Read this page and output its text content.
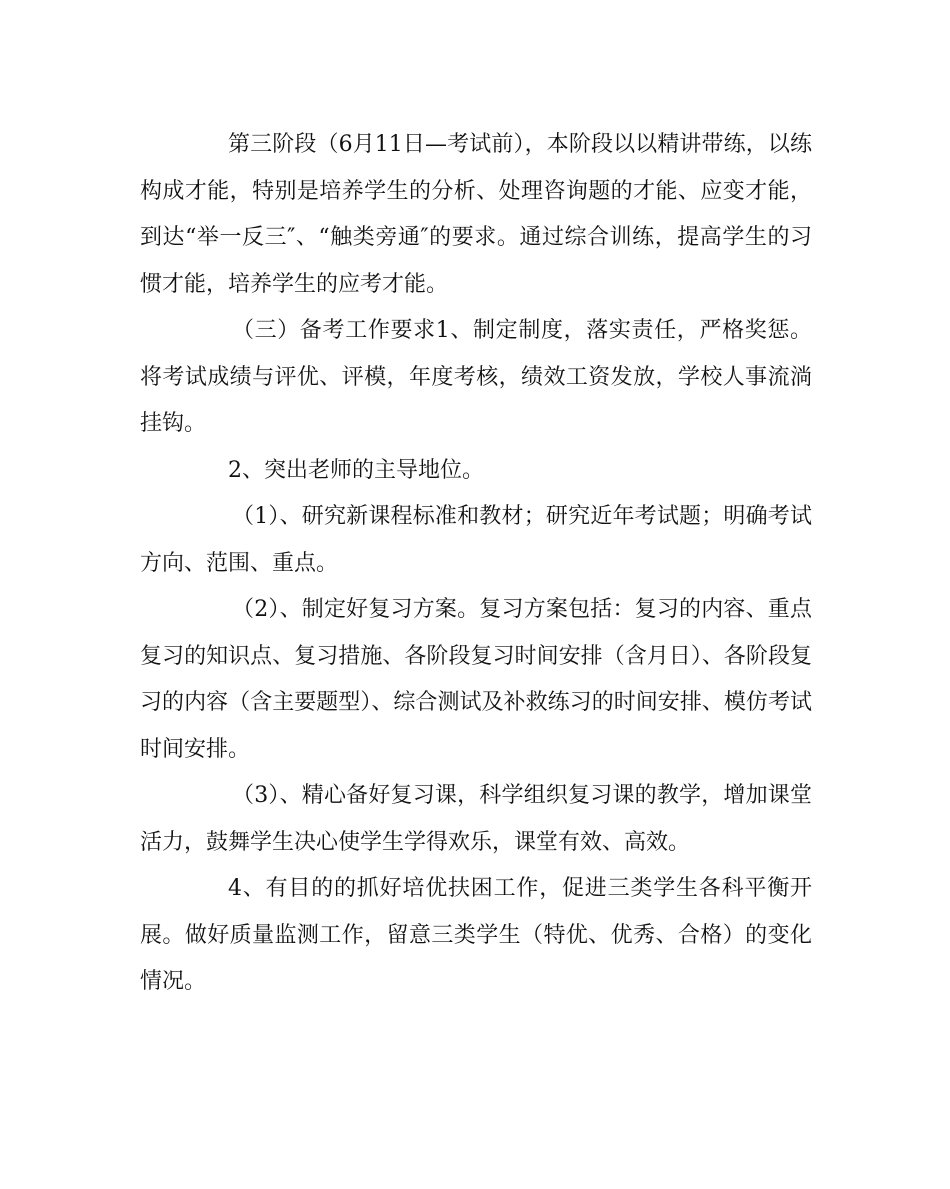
第三阶段（6月11日—考试前），本阶段以以精讲带练，以练构成才能，特别是培养学生的分析、处理咨询题的才能、应变才能，到达“举一反三″、“触类旁通″的要求。通过综合训练，提高学生的习惯才能，培养学生的应考才能。

（三）备考工作要求1、制定制度，落实责任，严格奖惩。将考试成绩与评优、评模，年度考核，绩效工资发放，学校人事流淌挂钩。

2、突出老师的主导地位。

（1）、研究新课程标准和教材；研究近年考试题；明确考试方向、范围、重点。

（2）、制定好复习方案。复习方案包括：复习的内容、重点复习的知识点、复习措施、各阶段复习时间安排（含月日）、各阶段复习的内容（含主要题型）、综合测试及补救练习的时间安排、模仿考试时间安排。

（3）、精心备好复习课，科学组织复习课的教学，增加课堂活力，鼓舞学生决心使学生学得欢乐，课堂有效、高效。

4、有目的的抓好培优扶困工作，促进三类学生各科平衡开展。做好质量监测工作，留意三类学生（特优、优秀、合格）的变化情况。
